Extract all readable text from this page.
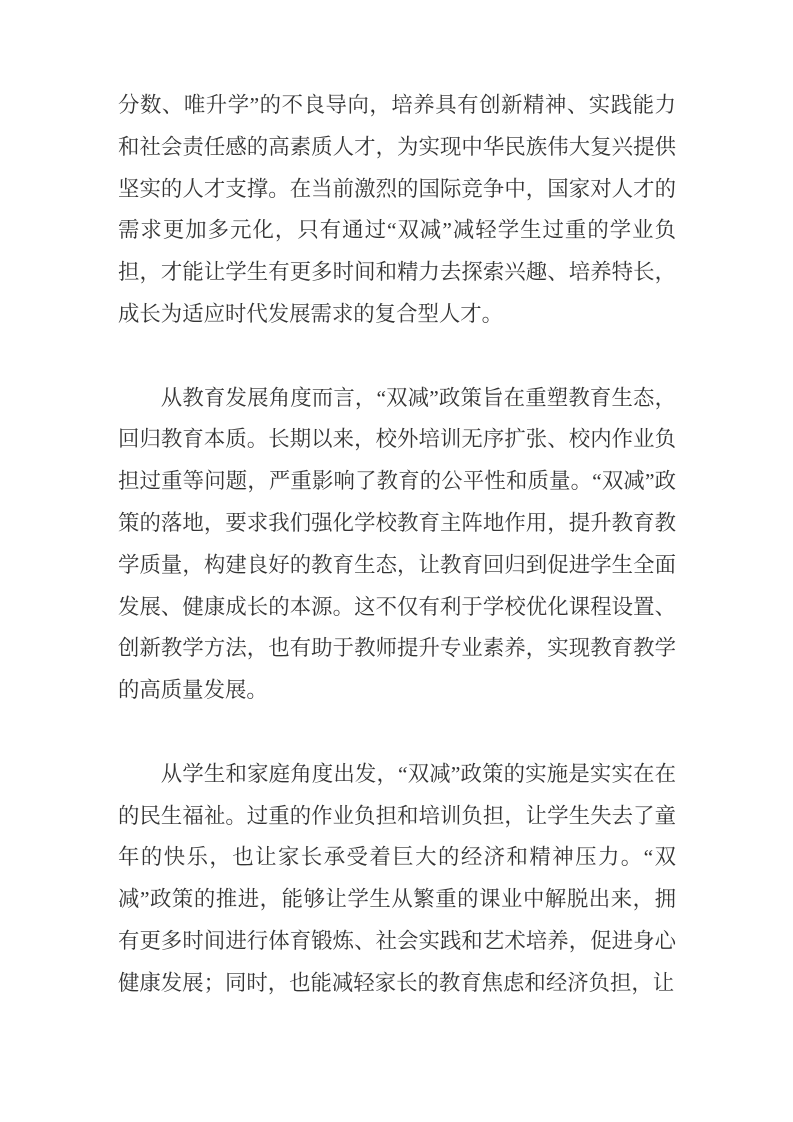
分数、唯升学”的不良导向，培养具有创新精神、实践能力和社会责任感的高素质人才，为实现中华民族伟大复兴提供坚实的人才支撑。在当前激烈的国际竞争中，国家对人才的需求更加多元化，只有通过“双减”减轻学生过重的学业负担，才能让学生有更多时间和精力去探索兴趣、培养特长，成长为适应时代发展需求的复合型人才。

从教育发展角度而言，“双减”政策旨在重塑教育生态，回归教育本质。长期以来，校外培训无序扩张、校内作业负担过重等问题，严重影响了教育的公平性和质量。“双减”政策的落地，要求我们强化学校教育主阵地作用，提升教育教学质量，构建良好的教育生态，让教育回归到促进学生全面发展、健康成长的本源。这不仅有利于学校优化课程设置、创新教学方法，也有助于教师提升专业素养，实现教育教学的高质量发展。

从学生和家庭角度出发，“双减”政策的实施是实实在在的民生福祉。过重的作业负担和培训负担，让学生失去了童年的快乐，也让家长承受着巨大的经济和精神压力。“双减”政策的推进，能够让学生从繁重的课业中解脱出来，拥有更多时间进行体育锻炼、社会实践和艺术培养，促进身心健康发展；同时，也能减轻家长的教育焦虑和经济负担，让
